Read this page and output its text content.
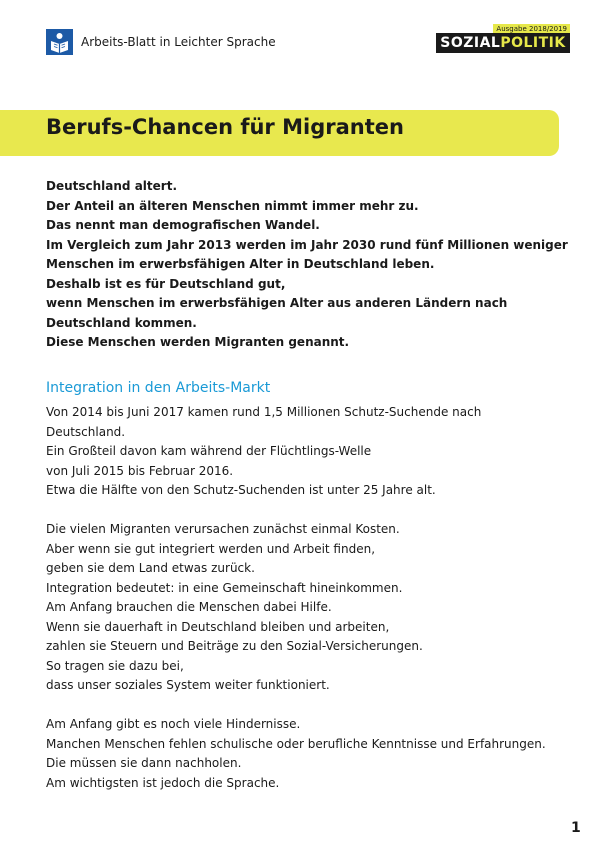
Arbeits-Blatt in Leichter Sprache
Ausgabe 2018/2019
SOZIAL POLITIK
Berufs-Chancen für Migranten

Deutschland altert.

Der Anteil an älteren Menschen nimmt immer mehr zu.

Das nennt man demografischen Wandel.

Im Vergleich zum Jahr 2013 werden im Jahr 2030 rund fünf Millionen weniger

Menschen im erwerbsfähigen Alter in Deutschland leben.

Deshalb ist es für Deutschland gut,

wenn Menschen im erwerbsfähigen Alter aus anderen Ländern nach

Deutschland kommen.

Diese Menschen werden Migranten genannt.

Integration in den Arbeits-Markt

Von 2014 bis Juni 2017 kamen rund 1,5 Millionen Schutz-Suchende nach

Deutschland.

Ein Großteil davon kam während der Flüchtlings-Welle

von Juli 2015 bis Februar 2016.

Etwa die Hälfte von den Schutz-Suchenden ist unter 25 Jahre alt.

Die vielen Migranten verursachen zunächst einmal Kosten.

Aber wenn sie gut integriert werden und Arbeit finden,

geben sie dem Land etwas zurück.

Integration bedeutet: in eine Gemeinschaft hineinkommen.

Am Anfang brauchen die Menschen dabei Hilfe.

Wenn sie dauerhaft in Deutschland bleiben und arbeiten,

zahlen sie Steuern und Beiträge zu den Sozial-Versicherungen.

So tragen sie dazu bei,

dass unser soziales System weiter funktioniert.

Am Anfang gibt es noch viele Hindernisse.

Manchen Menschen fehlen schulische oder berufliche Kenntnisse und Erfahrungen.

Die müssen sie dann nachholen.

Am wichtigsten ist jedoch die Sprache.

1
